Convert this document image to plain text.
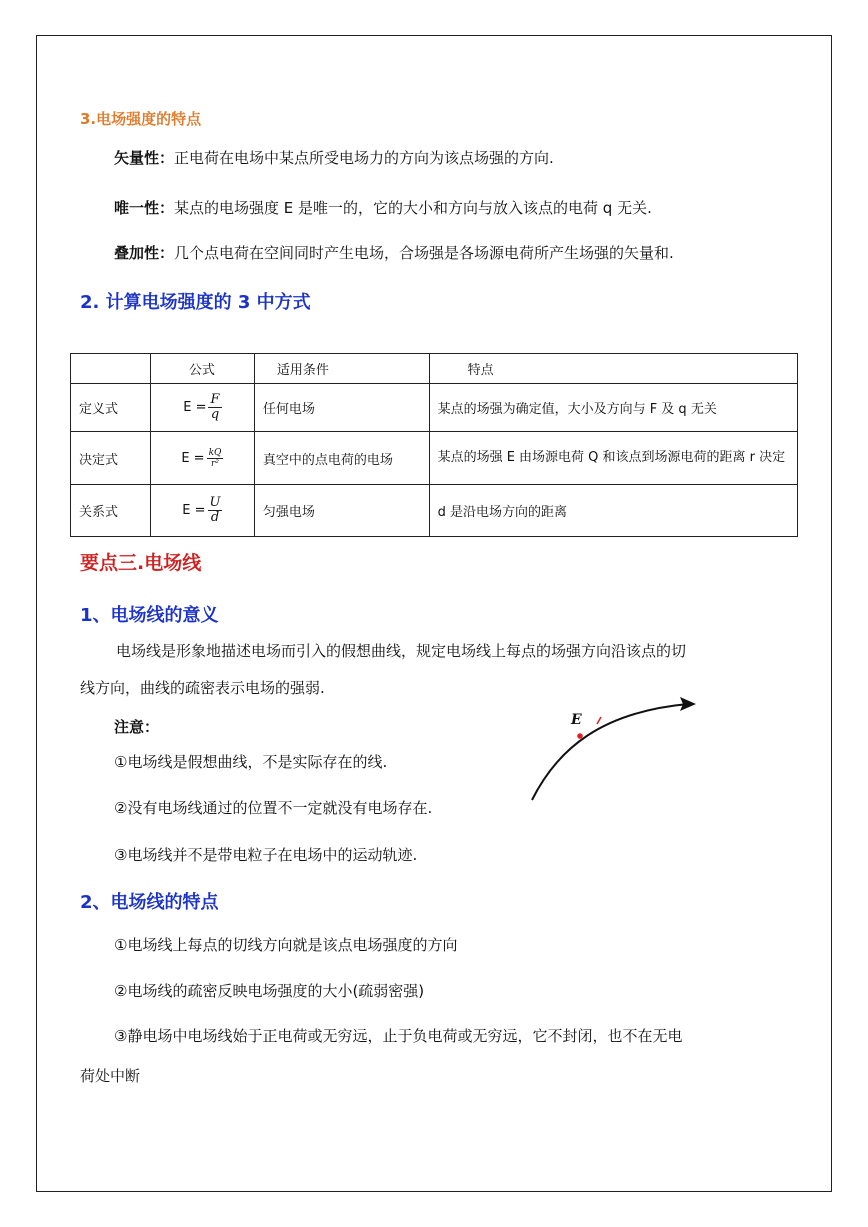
3.电场强度的特点
矢量性：正电荷在电场中某点所受电场力的方向为该点场强的方向.
唯一性：某点的电场强度 E 是唯一的，它的大小和方向与放入该点的电荷 q 无关.
叠加性：几个点电荷在空间同时产生电场，合场强是各场源电荷所产生场强的矢量和.
2. 计算电场强度的 3 中方式
	公式	适用条件	特点
定义式	$E = \frac{F}{q}$	任何电场	某点的场强为确定值，大小及方向与 F 及 q 无关
决定式	$E = \frac{kQ}{\text{r²}}$	真空中的点电荷的电场	某点的场强 E 由场源电荷 Q 和该点到场源电荷的距离 r 决定
关系式	$E = \frac{U}{d}$	匀强电场	d 是沿电场方向的距离
要点三.电场线
1、电场线的意义
电场线是形象地描述电场而引入的假想曲线，规定电场线上每点的场强方向沿该点的切
线方向，曲线的疏密表示电场的强弱.
注意：
①电场线是假想曲线，不是实际存在的线.
②没有电场线通过的位置不一定就没有电场存在.
③电场线并不是带电粒子在电场中的运动轨迹.
E
2、电场线的特点
①电场线上每点的切线方向就是该点电场强度的方向
②电场线的疏密反映电场强度的大小(疏弱密强)
③静电场中电场线始于正电荷或无穷远，止于负电荷或无穷远，它不封闭，也不在无电
荷处中断
